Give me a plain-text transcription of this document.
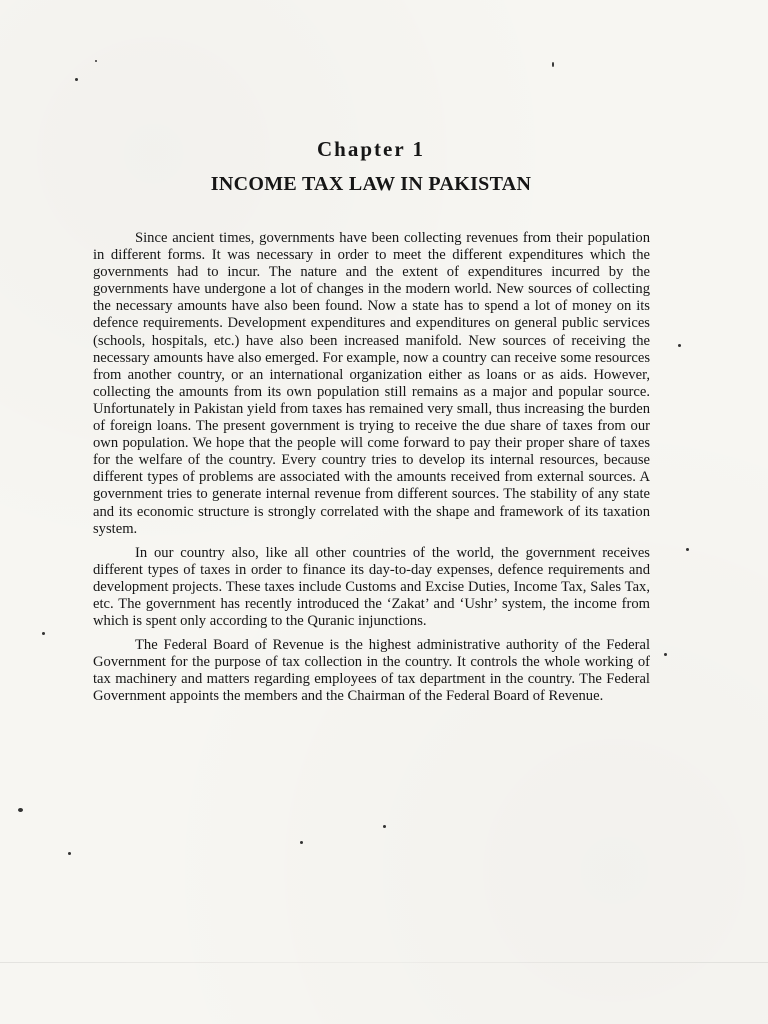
Chapter 1
INCOME TAX LAW IN PAKISTAN

Since ancient times, governments have been collecting revenues from their population in different forms. It was necessary in order to meet the different expenditures which the governments had to incur. The nature and the extent of expenditures incurred by the governments have undergone a lot of changes in the modern world. New sources of collecting the necessary amounts have also been found. Now a state has to spend a lot of money on its defence requirements. Development expenditures and expenditures on general public services (schools, hospitals, etc.) have also been increased manifold. New sources of receiving the necessary amounts have also emerged. For example, now a country can receive some resources from another country, or an international organization either as loans or as aids. However, collecting the amounts from its own population still remains as a major and popular source. Unfortunately in Pakistan yield from taxes has remained very small, thus increasing the burden of foreign loans. The present government is trying to receive the due share of taxes from our own population. We hope that the people will come forward to pay their proper share of taxes for the welfare of the country. Every country tries to develop its internal resources, because different types of problems are associated with the amounts received from external sources. A government tries to generate internal revenue from different sources. The stability of any state and its economic structure is strongly correlated with the shape and framework of its taxation system.

In our country also, like all other countries of the world, the government receives different types of taxes in order to finance its day-to-day expenses, defence requirements and development projects. These taxes include Customs and Excise Duties, Income Tax, Sales Tax, etc. The government has recently introduced the ‘Zakat’ and ‘Ushr’ system, the income from which is spent only according to the Quranic injunctions.

The Federal Board of Revenue is the highest administrative authority of the Federal Government for the purpose of tax collection in the country. It controls the whole working of tax machinery and matters regarding employees of tax department in the country. The Federal Government appoints the members and the Chairman of the Federal Board of Revenue.
